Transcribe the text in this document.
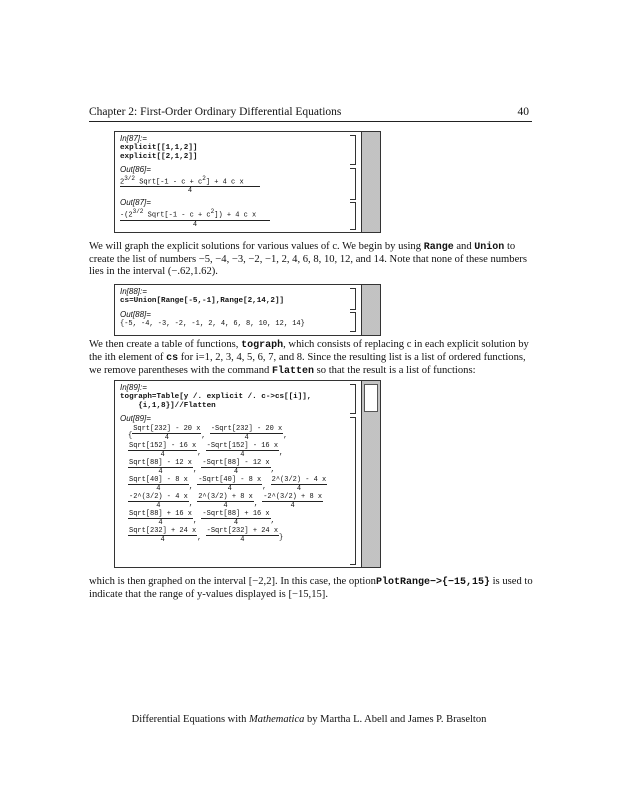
Chapter 2: First-Order Ordinary Differential Equations	40
In[87]:=
explicit[[1,1,2]]
explicit[[2,1,2]]
Out[86]=
$2^{3/2}$ Sqrt[-1 - $c + c^2] + 4$ c x
4
Out[87]=
$-(2^{3/2}$ Sqrt[-1 - $c + c^2]) + 4$ c x
4
We will graph the explicit solutions for various values of c. We begin by using Range and Union to create the list of numbers −5, −4, −3, −2, −1, 2, 4, 6, 8, 10, 12, and 14. Note that none of these numbers lies in the interval (−.62,1.62).
In[88]:=
cs=Union[Range[-5,-1],Range[2,14,2]]
Out[88]=
{-5, -4, -3, -2, -1, 2, 4, 6, 8, 10, 12, 14}
We then create a table of functions, tograph, which consists of replacing c in each explicit solution by the ith element of cs for i=1, 2, 3, 4, 5, 6, 7, and 8. Since the resulting list is a list of ordered functions, we remove parentheses with the command Flatten so that the result is a list of functions:
In[89]:=
tograph=Table[y /. explicit /. c->cs[[i]],
{i,1,8}]//Flatten
Out[89]=
{ $\frac{\text{Sqrt[232] - 20 x}}{4}$ , $\frac{\text{-Sqrt[232] - 20 x}}{4}$ ,
$\frac{\text{Sqrt[152] - 16 x}}{4}$ , $\frac{\text{-Sqrt[152] - 16 x}}{4}$ ,
$\frac{\text{Sqrt[88] - 12 x}}{4}$ , $\frac{\text{-Sqrt[88] - 12 x}}{4}$ ,
$\frac{\text{Sqrt[40] - 8 x}}{4}$ , $\frac{\text{-Sqrt[40] - 8 x}}{4}$ , $\frac{2\^{}(3/2) - 4 x}{4}$
$\frac{-2\^{}(3/2) - 4 x}{4}$ , $\frac{2\^{}(3/2) + 8 x}{4}$ , $\frac{-2\^{}(3/2) + 8 x}{4}$
$\frac{\text{Sqrt[88] + 16 x}}{4}$ , $\frac{\text{-Sqrt[88] + 16 x}}{4}$ ,
$\frac{\text{Sqrt[232] + 24 x}}{4}$ , $\frac{\text{-Sqrt[232] + 24 x}}{4}$ }
which is then graphed on the interval [−2,2]. In this case, the optionPlotRange−>{−15,15} is used to indicate that the range of y-values displayed is [−15,15].
Differential Equations with Mathematica by Martha L. Abell and James P. Braselton
